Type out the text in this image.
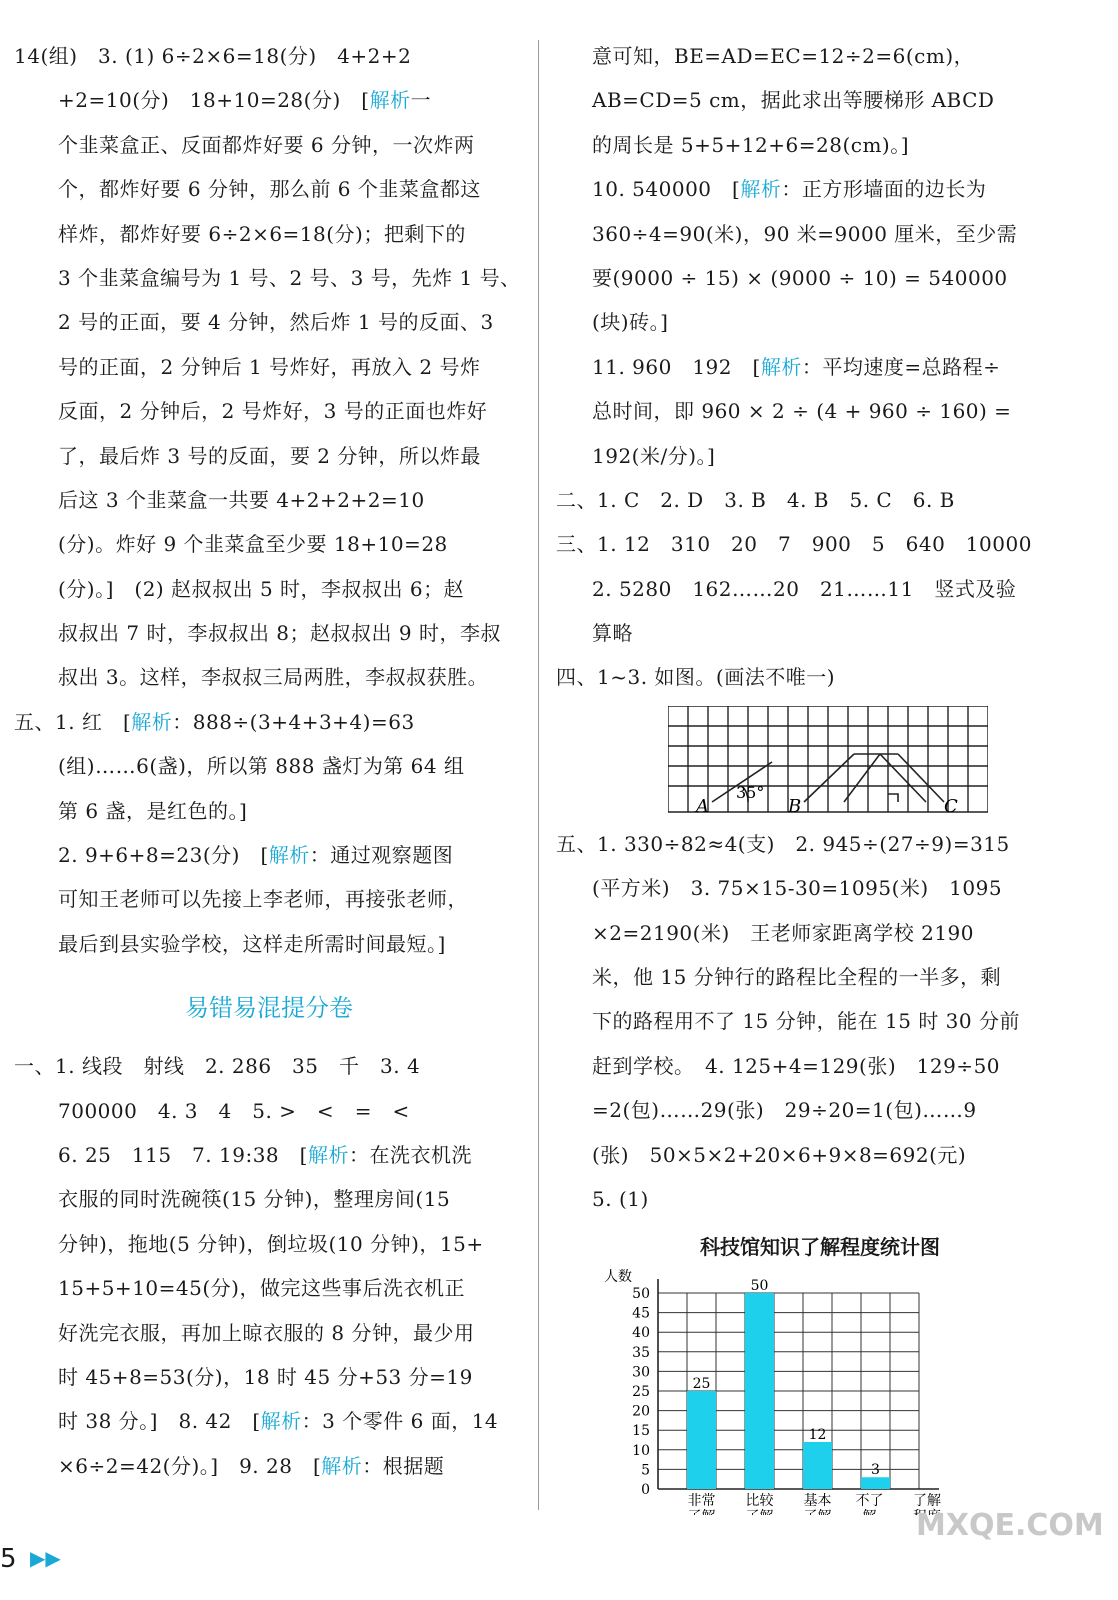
14(组)　3. (1) 6÷2×6=18(分)　4+2+2
+2=10(分)　18+10=28(分)　[解析一
个韭菜盒正、反面都炸好要 6 分钟，一次炸两
个，都炸好要 6 分钟，那么前 6 个韭菜盒都这
样炸，都炸好要 6÷2×6=18(分)；把剩下的
3 个韭菜盒编号为 1 号、2 号、3 号，先炸 1 号、
2 号的正面，要 4 分钟，然后炸 1 号的反面、3
号的正面，2 分钟后 1 号炸好，再放入 2 号炸
反面，2 分钟后，2 号炸好，3 号的正面也炸好
了，最后炸 3 号的反面，要 2 分钟，所以炸最
后这 3 个韭菜盒一共要 4+2+2+2=10
(分)。炸好 9 个韭菜盒至少要 18+10=28
(分)。]　(2) 赵叔叔出 5 时，李叔叔出 6；赵
叔叔出 7 时，李叔叔出 8；赵叔叔出 9 时，李叔
叔出 3。这样，李叔叔三局两胜，李叔叔获胜。
五、1. 红　[解析：888÷(3+4+3+4)=63
(组)……6(盏)，所以第 888 盏灯为第 64 组
第 6 盏，是红色的。]
2. 9+6+8=23(分)　[解析：通过观察题图
可知王老师可以先接上李老师，再接张老师，
最后到县实验学校，这样走所需时间最短。]
易错易混提分卷
一、1. 线段　射线　2. 286　35　千　3. 4
700000　4. 3　4　5. >　<　=　<
6. 25　115　7. 19:38　[解析：在洗衣机洗
衣服的同时洗碗筷(15 分钟)，整理房间(15
分钟)，拖地(5 分钟)，倒垃圾(10 分钟)，15+
15+5+10=45(分)，做完这些事后洗衣机正
好洗完衣服，再加上晾衣服的 8 分钟，最少用
时 45+8=53(分)，18 时 45 分+53 分=19
时 38 分。]　8. 42　[解析：3 个零件 6 面，14
×6÷2=42(分)。]　9. 28　[解析：根据题
意可知，BE=AD=EC=12÷2=6(cm)，
AB=CD=5 cm，据此求出等腰梯形 ABCD
的周长是 5+5+12+6=28(cm)。]
10. 540000　[解析：正方形墙面的边长为
360÷4=90(米)，90 米=9000 厘米，至少需
要(9000 ÷ 15) × (9000 ÷ 10) = 540000
(块)砖。]
11. 960　192　[解析：平均速度=总路程÷
总时间，即 960 × 2 ÷ (4 + 960 ÷ 160) =
192(米/分)。]
二、1. C　2. D　3. B　4. B　5. C　6. B
三、1. 12　310　20　7　900　5　640　10000
2. 5280　162……20　21……11　竖式及验
算略
四、1~3. 如图。(画法不唯一)
A	B	C
35°
五、1. 330÷82≈4(支)　2. 945÷(27÷9)=315
(平方米)　3. 75×15-30=1095(米)　1095
×2=2190(米)　王老师家距离学校 2190
米，他 15 分钟行的路程比全程的一半多，剩
下的路程用不了 15 分钟，能在 15 时 30 分前
赶到学校。　4. 125+4=129(张)　129÷50
=2(包)……29(张)　29÷20=1(包)……9
(张)　50×5×2+20×6+9×8=692(元)
5. (1)
科技馆知识了解程度统计图
人数
0
5
10
15
20
25
30
35
40
45
50
25
非常
50
比较
12
基本
3
不了 了解
5 ▶▶
MXQE.COM
